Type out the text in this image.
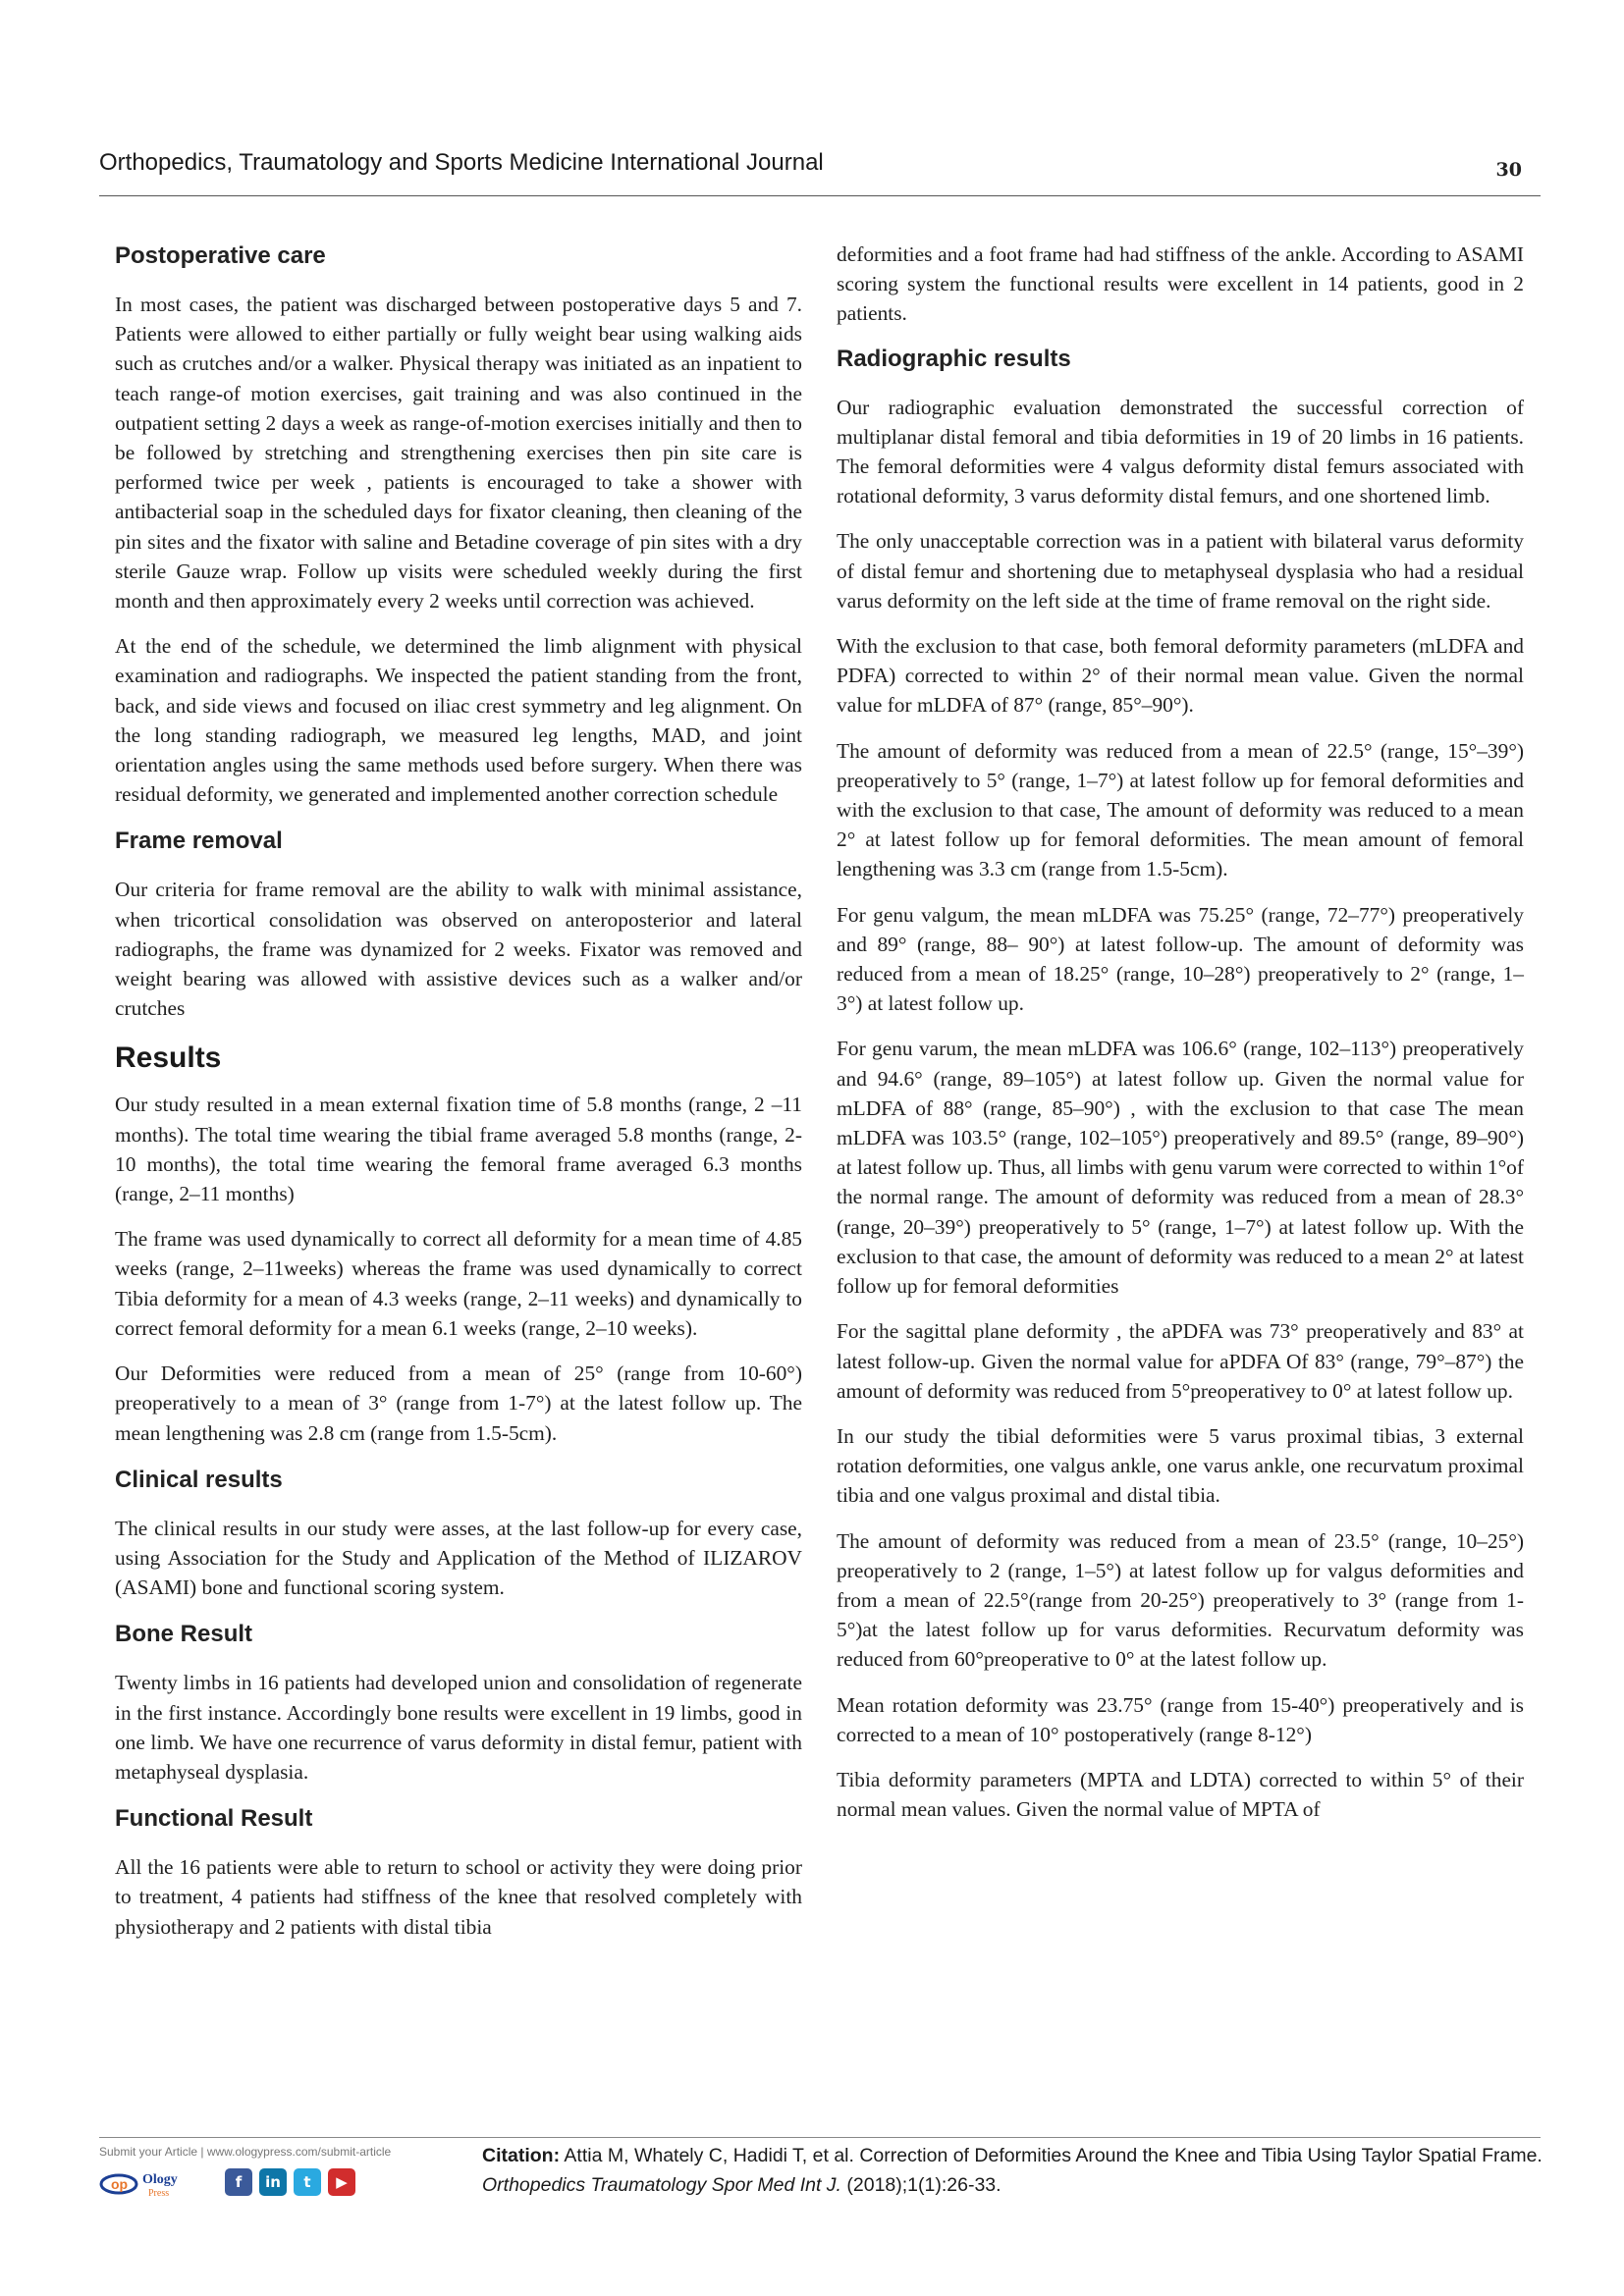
Orthopedics, Traumatology and Sports Medicine International Journal	30
Postoperative care

In most cases, the patient was discharged between postoperative days 5 and 7. Patients were allowed to either partially or fully weight bear using walking aids such as crutches and/or a walker. Physical therapy was initiated as an inpatient to teach range-of motion exercises, gait training and was also continued in the outpatient setting 2 days a week as range-of-motion exercises initially and then to be followed by stretching and strengthening exercises then pin site care is performed twice per week , patients is encouraged to take a shower with antibacterial soap in the scheduled days for fixator cleaning, then cleaning of the pin sites and the fixator with saline and Betadine coverage of pin sites with a dry sterile Gauze wrap. Follow up visits were scheduled weekly during the first month and then approximately every 2 weeks until correction was achieved.

At the end of the schedule, we determined the limb alignment with physical examination and radiographs. We inspected the patient standing from the front, back, and side views and focused on iliac crest symmetry and leg alignment. On the long standing radiograph, we measured leg lengths, MAD, and joint orientation angles using the same methods used before surgery. When there was residual deformity, we generated and implemented another correction schedule

Frame removal

Our criteria for frame removal are the ability to walk with minimal assistance, when tricortical consolidation was observed on anteroposterior and lateral radiographs, the frame was dynamized for 2 weeks. Fixator was removed and weight bearing was allowed with assistive devices such as a walker and/or crutches

Results

Our study resulted in a mean external fixation time of 5.8 months (range, 2 –11 months). The total time wearing the tibial frame averaged 5.8 months (range, 2-10 months), the total time wearing the femoral frame averaged 6.3 months (range, 2–11 months)

The frame was used dynamically to correct all deformity for a mean time of 4.85 weeks (range, 2–11weeks) whereas the frame was used dynamically to correct Tibia deformity for a mean of 4.3 weeks (range, 2–11 weeks) and dynamically to correct femoral deformity for a mean 6.1 weeks (range, 2–10 weeks).

Our Deformities were reduced from a mean of 25° (range from 10-60°) preoperatively to a mean of 3° (range from 1-7°) at the latest follow up. The mean lengthening was 2.8 cm (range from 1.5-5cm).

Clinical results

The clinical results in our study were asses, at the last follow-up for every case, using Association for the Study and Application of the Method of ILIZAROV (ASAMI) bone and functional scoring system.

Bone Result

Twenty limbs in 16 patients had developed union and consolidation of regenerate in the first instance. Accordingly bone results were excellent in 19 limbs, good in one limb. We have one recurrence of varus deformity in distal femur, patient with metaphyseal dysplasia.

Functional Result

All the 16 patients were able to return to school or activity they were doing prior to treatment, 4 patients had stiffness of the knee that resolved completely with physiotherapy and 2 patients with distal tibia

deformities and a foot frame had had stiffness of the ankle. According to ASAMI scoring system the functional results were excellent in 14 patients, good in 2 patients.

Radiographic results

Our radiographic evaluation demonstrated the successful correction of multiplanar distal femoral and tibia deformities in 19 of 20 limbs in 16 patients. The femoral deformities were 4 valgus deformity distal femurs associated with rotational deformity, 3 varus deformity distal femurs, and one shortened limb.

The only unacceptable correction was in a patient with bilateral varus deformity of distal femur and shortening due to metaphyseal dysplasia who had a residual varus deformity on the left side at the time of frame removal on the right side.

With the exclusion to that case, both femoral deformity parameters (mLDFA and PDFA) corrected to within 2° of their normal mean value. Given the normal value for mLDFA of 87° (range, 85°–90°).

The amount of deformity was reduced from a mean of 22.5° (range, 15°–39°) preoperatively to 5° (range, 1–7°) at latest follow up for femoral deformities and with the exclusion to that case, The amount of deformity was reduced to a mean 2° at latest follow up for femoral deformities. The mean amount of femoral lengthening was 3.3 cm (range from 1.5-5cm).

For genu valgum, the mean mLDFA was 75.25° (range, 72–77°) preoperatively and 89° (range, 88– 90°) at latest follow-up. The amount of deformity was reduced from a mean of 18.25° (range, 10–28°) preoperatively to 2° (range, 1–3°) at latest follow up.

For genu varum, the mean mLDFA was 106.6° (range, 102–113°) preoperatively and 94.6° (range, 89–105°) at latest follow up. Given the normal value for mLDFA of 88° (range, 85–90°) , with the exclusion to that case The mean mLDFA was 103.5° (range, 102–105°) preoperatively and 89.5° (range, 89–90°) at latest follow up. Thus, all limbs with genu varum were corrected to within 1°of the normal range. The amount of deformity was reduced from a mean of 28.3° (range, 20–39°) preoperatively to 5° (range, 1–7°) at latest follow up. With the exclusion to that case, the amount of deformity was reduced to a mean 2° at latest follow up for femoral deformities

For the sagittal plane deformity , the aPDFA was 73° preoperatively and 83° at latest follow-up. Given the normal value for aPDFA Of 83° (range, 79°–87°) the amount of deformity was reduced from 5°preoperativey to 0° at latest follow up.

In our study the tibial deformities were 5 varus proximal tibias, 3 external rotation deformities, one valgus ankle, one varus ankle, one recurvatum proximal tibia and one valgus proximal and distal tibia.

The amount of deformity was reduced from a mean of 23.5° (range, 10–25°) preoperatively to 2 (range, 1–5°) at latest follow up for valgus deformities and from a mean of 22.5°(range from 20-25°) preoperatively to 3° (range from 1-5°)at the latest follow up for varus deformities. Recurvatum deformity was reduced from 60°preoperative to 0° at the latest follow up.

Mean rotation deformity was 23.75° (range from 15-40°) preoperatively and is corrected to a mean of 10° postoperatively (range 8-12°)

Tibia deformity parameters (MPTA and LDTA) corrected to within 5° of their normal mean values. Given the normal value of MPTA of

Submit your Article | www.ologypress.com/submit-article
op Ology
Press
f	in	t	▶
Citation: Attia M, Whately C, Hadidi T, et al. Correction of Deformities Around the Knee and Tibia Using Taylor Spatial Frame. Orthopedics Traumatology Spor Med Int J. (2018);1(1):26-33.
